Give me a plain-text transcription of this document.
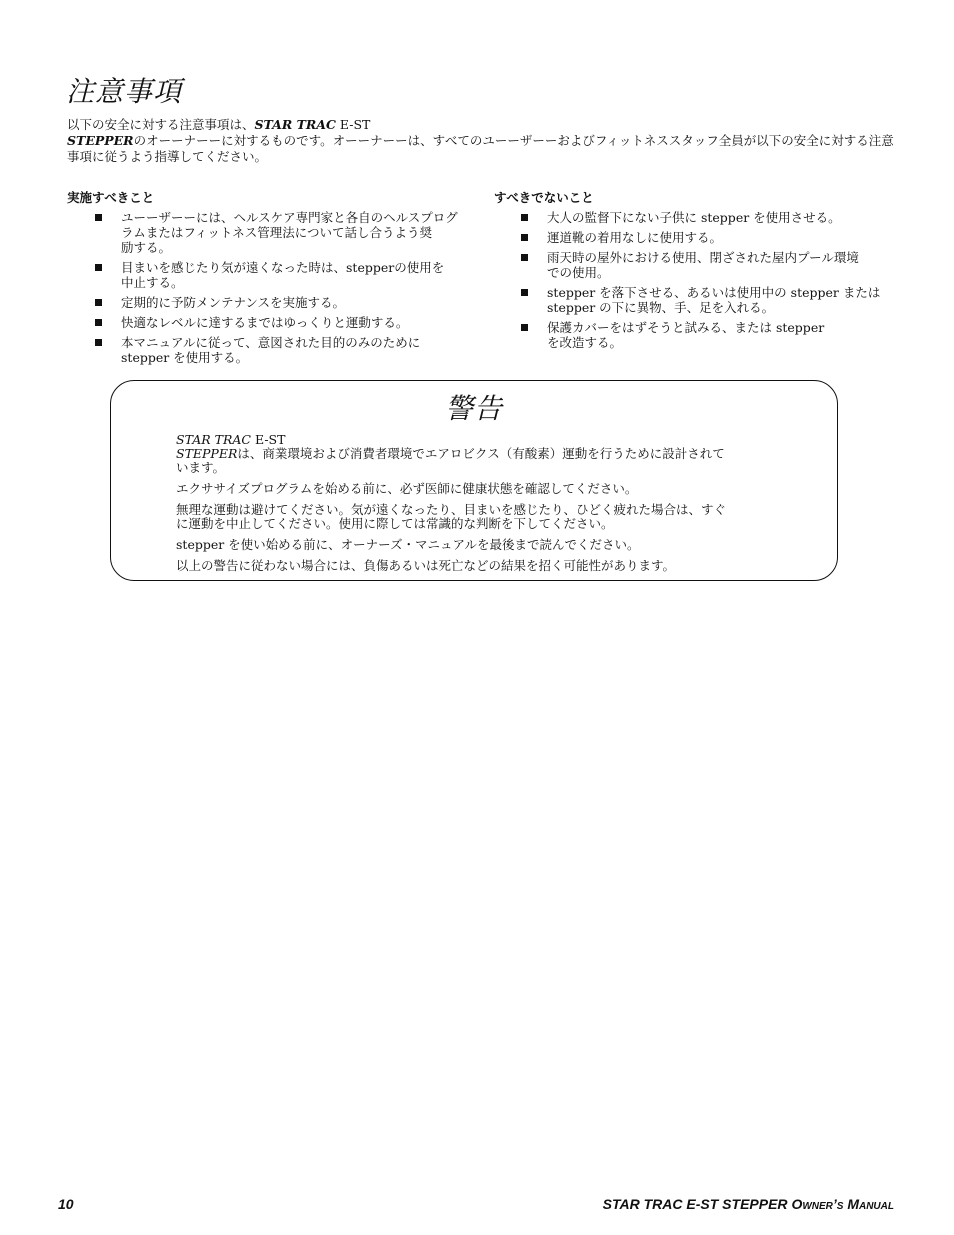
注意事項
以下の安全に対する注意事項は、STAR TRAC E-ST
STEPPERのオーーナーーに対するものです。オーーナーーは、すべてのユーーザーーおよびフィットネススタッフ全員が以下の安全に対する注意
事項に従うよう指導してください。
実施すべきこと
ユーーザーーには、ヘルスケア専門家と各自のヘルスプログ
ラムまたはフィットネス管理法について話し合うよう奨
励する。
目まいを感じたり気が遠くなった時は、stepperの使用を
中止する。
定期的に予防メンテナンスを実施する。
快適なレベルに達するまではゆっくりと運動する。
本マニュアルに従って、意図された目的のみのために
stepper を使用する。
すべきでないこと
大人の監督下にない子供に stepper を使用させる。
運道靴の着用なしに使用する。
雨天時の屋外における使用、閉ざされた屋内プール環境
での使用。
stepper を落下させる、あるいは使用中の stepper または
stepper の下に異物、手、足を入れる。
保護カバーをはずそうと試みる、または stepper
を改造する。
警告
STAR TRAC E-ST
STEPPERは、商業環境および消費者環境でエアロビクス（有酸素）運動を行うために設計されて
います。
エクササイズプログラムを始める前に、必ず医師に健康状態を確認してください。
無理な運動は避けてください。気が遠くなったり、目まいを感じたり、ひどく疲れた場合は、すぐ
に運動を中止してください。使用に際しては常識的な判断を下してください。
stepper を使い始める前に、オーナーズ・マニュアルを最後まで読んでください。
以上の警告に従わない場合には、負傷あるいは死亡などの結果を招く可能性があります。
10	STAR TRAC E-ST STEPPER Owner’s Manual
